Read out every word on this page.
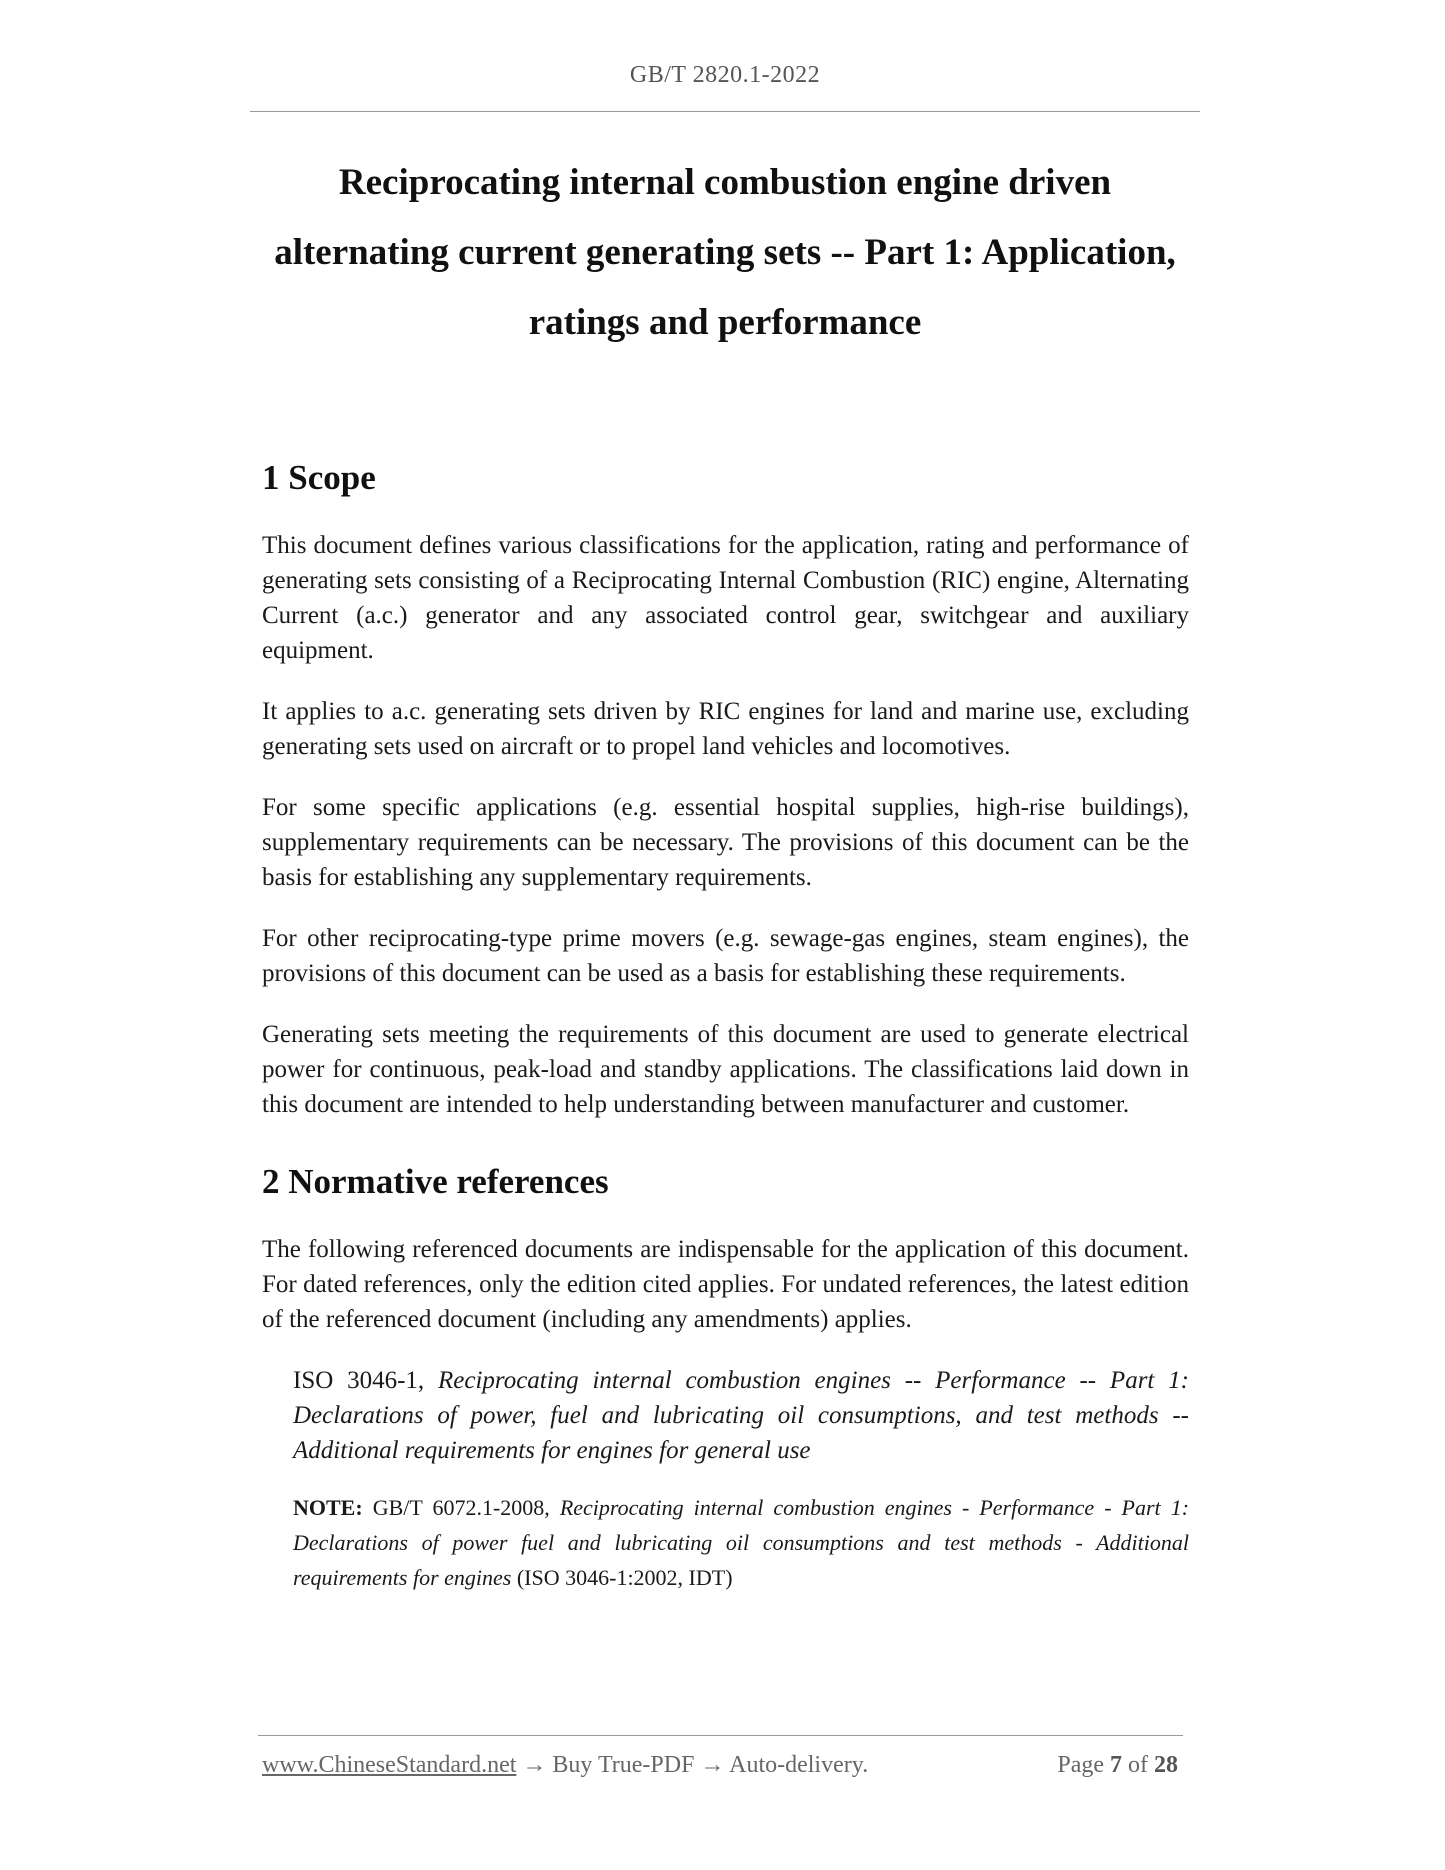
GB/T 2820.1-2022
Reciprocating internal combustion engine driven alternating current generating sets -- Part 1: Application, ratings and performance
1 Scope

This document defines various classifications for the application, rating and performance of generating sets consisting of a Reciprocating Internal Combustion (RIC) engine, Alternating Current (a.c.) generator and any associated control gear, switchgear and auxiliary equipment.

It applies to a.c. generating sets driven by RIC engines for land and marine use, excluding generating sets used on aircraft or to propel land vehicles and locomotives.

For some specific applications (e.g. essential hospital supplies, high-rise buildings), supplementary requirements can be necessary. The provisions of this document can be the basis for establishing any supplementary requirements.

For other reciprocating-type prime movers (e.g. sewage-gas engines, steam engines), the provisions of this document can be used as a basis for establishing these requirements.

Generating sets meeting the requirements of this document are used to generate electrical power for continuous, peak-load and standby applications. The classifications laid down in this document are intended to help understanding between manufacturer and customer.

2 Normative references

The following referenced documents are indispensable for the application of this document. For dated references, only the edition cited applies. For undated references, the latest edition of the referenced document (including any amendments) applies.

ISO 3046-1, Reciprocating internal combustion engines -- Performance -- Part 1: Declarations of power, fuel and lubricating oil consumptions, and test methods -- Additional requirements for engines for general use

NOTE: GB/T 6072.1-2008, Reciprocating internal combustion engines - Performance - Part 1: Declarations of power fuel and lubricating oil consumptions and test methods - Additional requirements for engines (ISO 3046-1:2002, IDT)

www.ChineseStandard.net → Buy True-PDF → Auto-delivery.	Page 7 of 28
